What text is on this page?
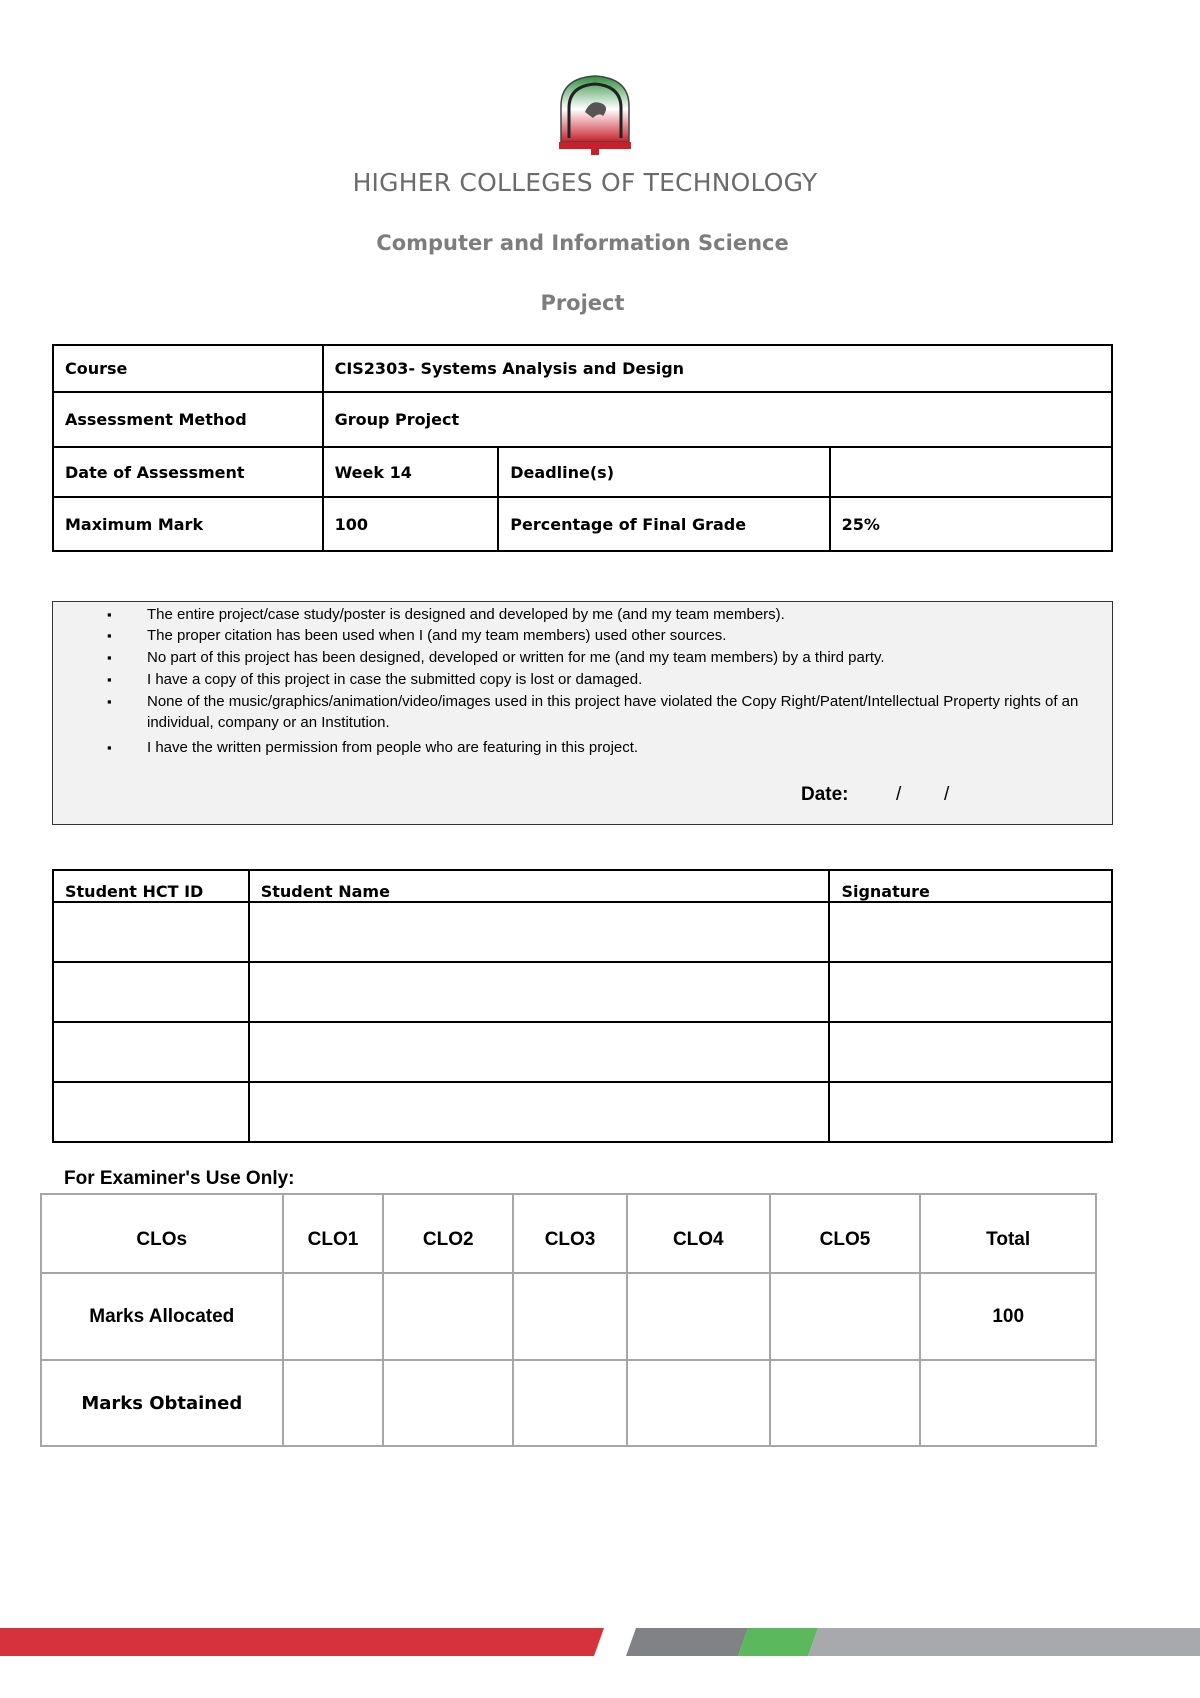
HIGHER COLLEGES OF TECHNOLOGY
Computer and Information Science
Project
Course	CIS2303- Systems Analysis and Design		
Assessment Method	Group Project		
Date of Assessment	Week 14	Deadline(s)	
Maximum Mark	100	Percentage of Final Grade	25%
▪ The entire project/case study/poster is designed and developed by me (and my team members).
▪ The proper citation has been used when I (and my team members) used other sources.
▪ No part of this project has been designed, developed or written for me (and my team members) by a third party.
▪ I have a copy of this project in case the submitted copy is lost or damaged.
▪ None of the music/graphics/animation/video/images used in this project have violated the Copy Right/Patent/Intellectual Property rights of an individual, company or an Institution.
▪ I have the written permission from people who are featuring in this project.
Date: / /
Student HCT ID	Student Name	Signature

For Examiner's Use Only:
CLOs	CLO1	CLO2	CLO3	CLO4	CLO5	Total
Marks Allocated						100
Marks Obtained						
